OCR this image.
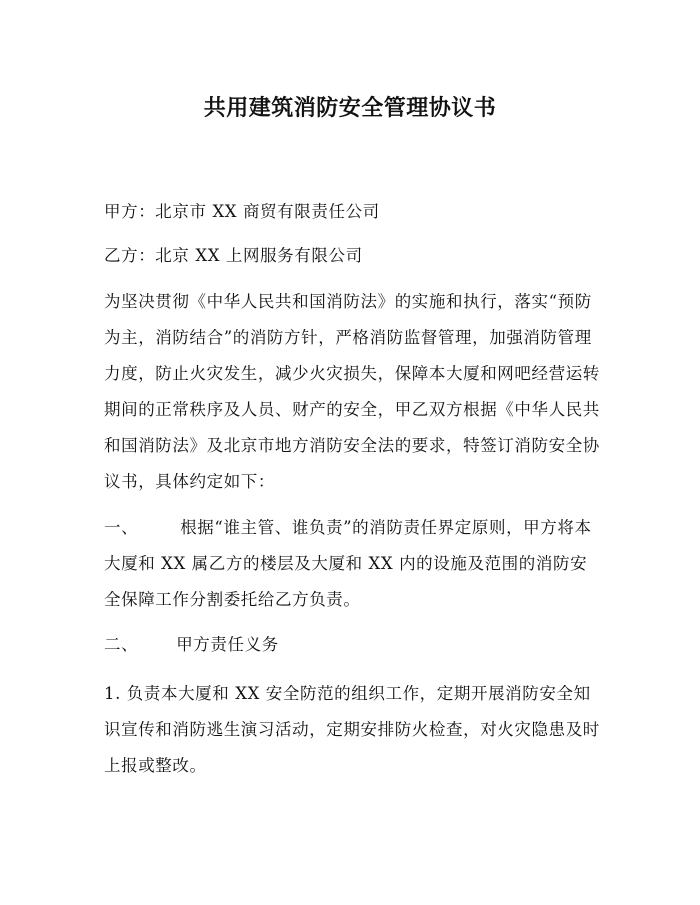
共用建筑消防安全管理协议书
甲方：北京市 XX 商贸有限责任公司
乙方：北京 XX 上网服务有限公司
为坚决贯彻《中华人民共和国消防法》的实施和执行，落实“预防为主，消防结合”的消防方针，严格消防监督管理，加强消防管理力度，防止火灾发生，减少火灾损失，保障本大厦和网吧经营运转期间的正常秩序及人员、财产的安全，甲乙双方根据《中华人民共和国消防法》及北京市地方消防安全法的要求，特签订消防安全协议书，具体约定如下：
一、	根据“谁主管、谁负责”的消防责任界定原则，甲方将本大厦和 XX 属乙方的楼层及大厦和 XX 内的设施及范围的消防安全保障工作分割委托给乙方负责。
二、 甲方责任义务
1. 负责本大厦和 XX 安全防范的组织工作，定期开展消防安全知识宣传和消防逃生演习活动，定期安排防火检查，对火灾隐患及时上报或整改。
